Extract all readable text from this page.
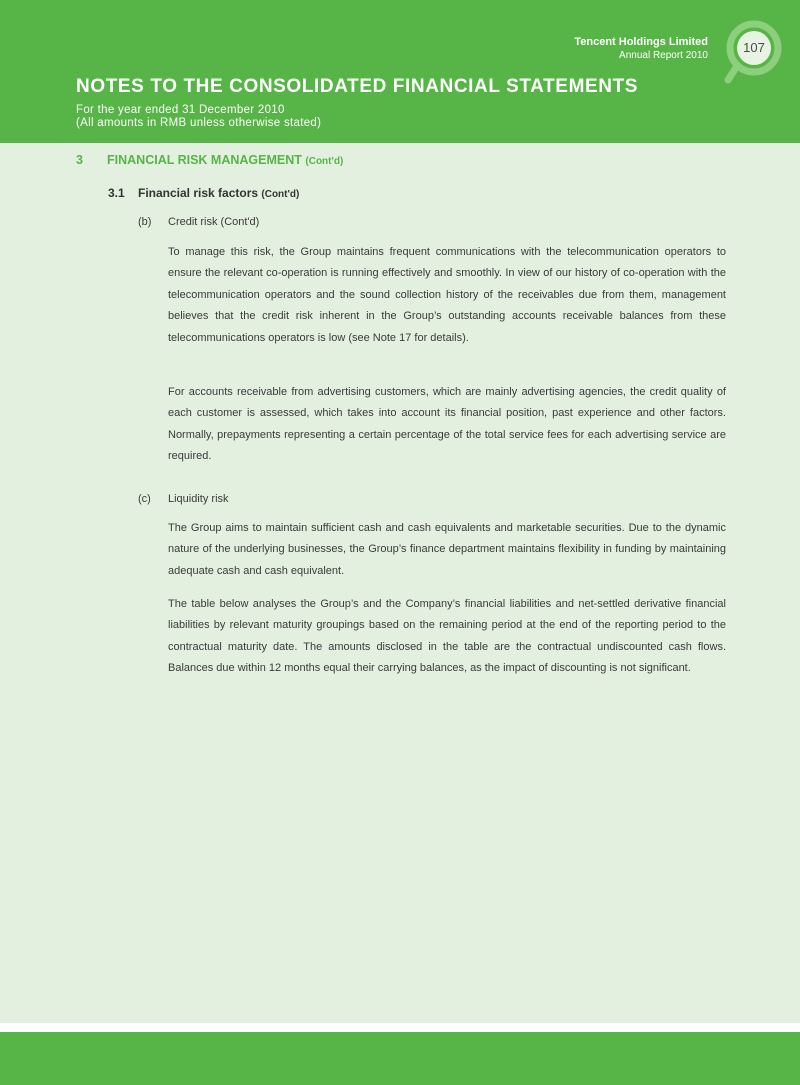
Tencent Holdings Limited
Annual Report 2010
107
NOTES TO THE CONSOLIDATED FINANCIAL STATEMENTS
For the year ended 31 December 2010
(All amounts in RMB unless otherwise stated)
3 FINANCIAL RISK MANAGEMENT (Cont'd)
3.1 Financial risk factors (Cont'd)
(b) Credit risk (Cont'd)

To manage this risk, the Group maintains frequent communications with the telecommunication operators to ensure the relevant co-operation is running effectively and smoothly. In view of our history of co-operation with the telecommunication operators and the sound collection history of the receivables due from them, management believes that the credit risk inherent in the Group’s outstanding accounts receivable balances from these telecommunications operators is low (see Note 17 for details).

For accounts receivable from advertising customers, which are mainly advertising agencies, the credit quality of each customer is assessed, which takes into account its financial position, past experience and other factors. Normally, prepayments representing a certain percentage of the total service fees for each advertising service are required.

(c) Liquidity risk

The Group aims to maintain sufficient cash and cash equivalents and marketable securities. Due to the dynamic nature of the underlying businesses, the Group’s finance department maintains flexibility in funding by maintaining adequate cash and cash equivalent.

The table below analyses the Group’s and the Company’s financial liabilities and net-settled derivative financial liabilities by relevant maturity groupings based on the remaining period at the end of the reporting period to the contractual maturity date. The amounts disclosed in the table are the contractual undiscounted cash flows. Balances due within 12 months equal their carrying balances, as the impact of discounting is not significant.
